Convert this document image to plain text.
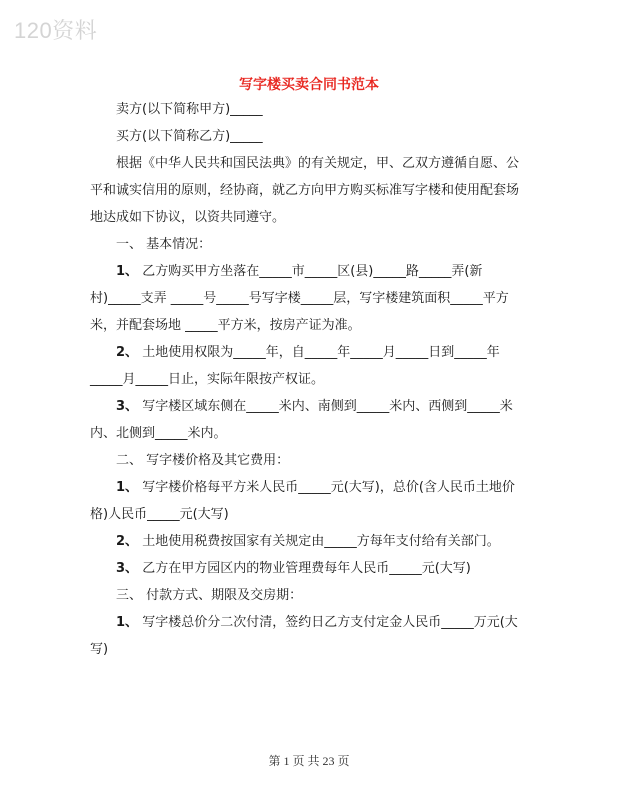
120资料
写字楼买卖合同书范本

卖方(以下简称甲方)_____

买方(以下简称乙方)_____

根据《中华人民共和国民法典》的有关规定，甲、乙双方遵循自愿、公平和诚实信用的原则，经协商，就乙方向甲方购买标准写字楼和使用配套场地达成如下协议，以资共同遵守。

一、 基本情况：

1、 乙方购买甲方坐落在_____市_____区(县)_____路_____弄(新村)_____支弄 _____号_____号写字楼_____层，写字楼建筑面积_____平方米，并配套场地 _____平方米，按房产证为准。

2、 土地使用权限为_____年，自_____年_____月_____日到_____年_____月_____日止，实际年限按产权证。

3、 写字楼区域东侧在_____米内、南侧到_____米内、西侧到_____米内、北侧到_____米内。

二、 写字楼价格及其它费用：

1、 写字楼价格每平方米人民币_____元(大写)，总价(含人民币土地价格)人民币_____元(大写)

2、 土地使用税费按国家有关规定由_____方每年支付给有关部门。

3、 乙方在甲方园区内的物业管理费每年人民币_____元(大写)

三、 付款方式、期限及交房期：

1、 写字楼总价分二次付清，签约日乙方支付定金人民币_____万元(大写)

第 1 页 共 23 页
